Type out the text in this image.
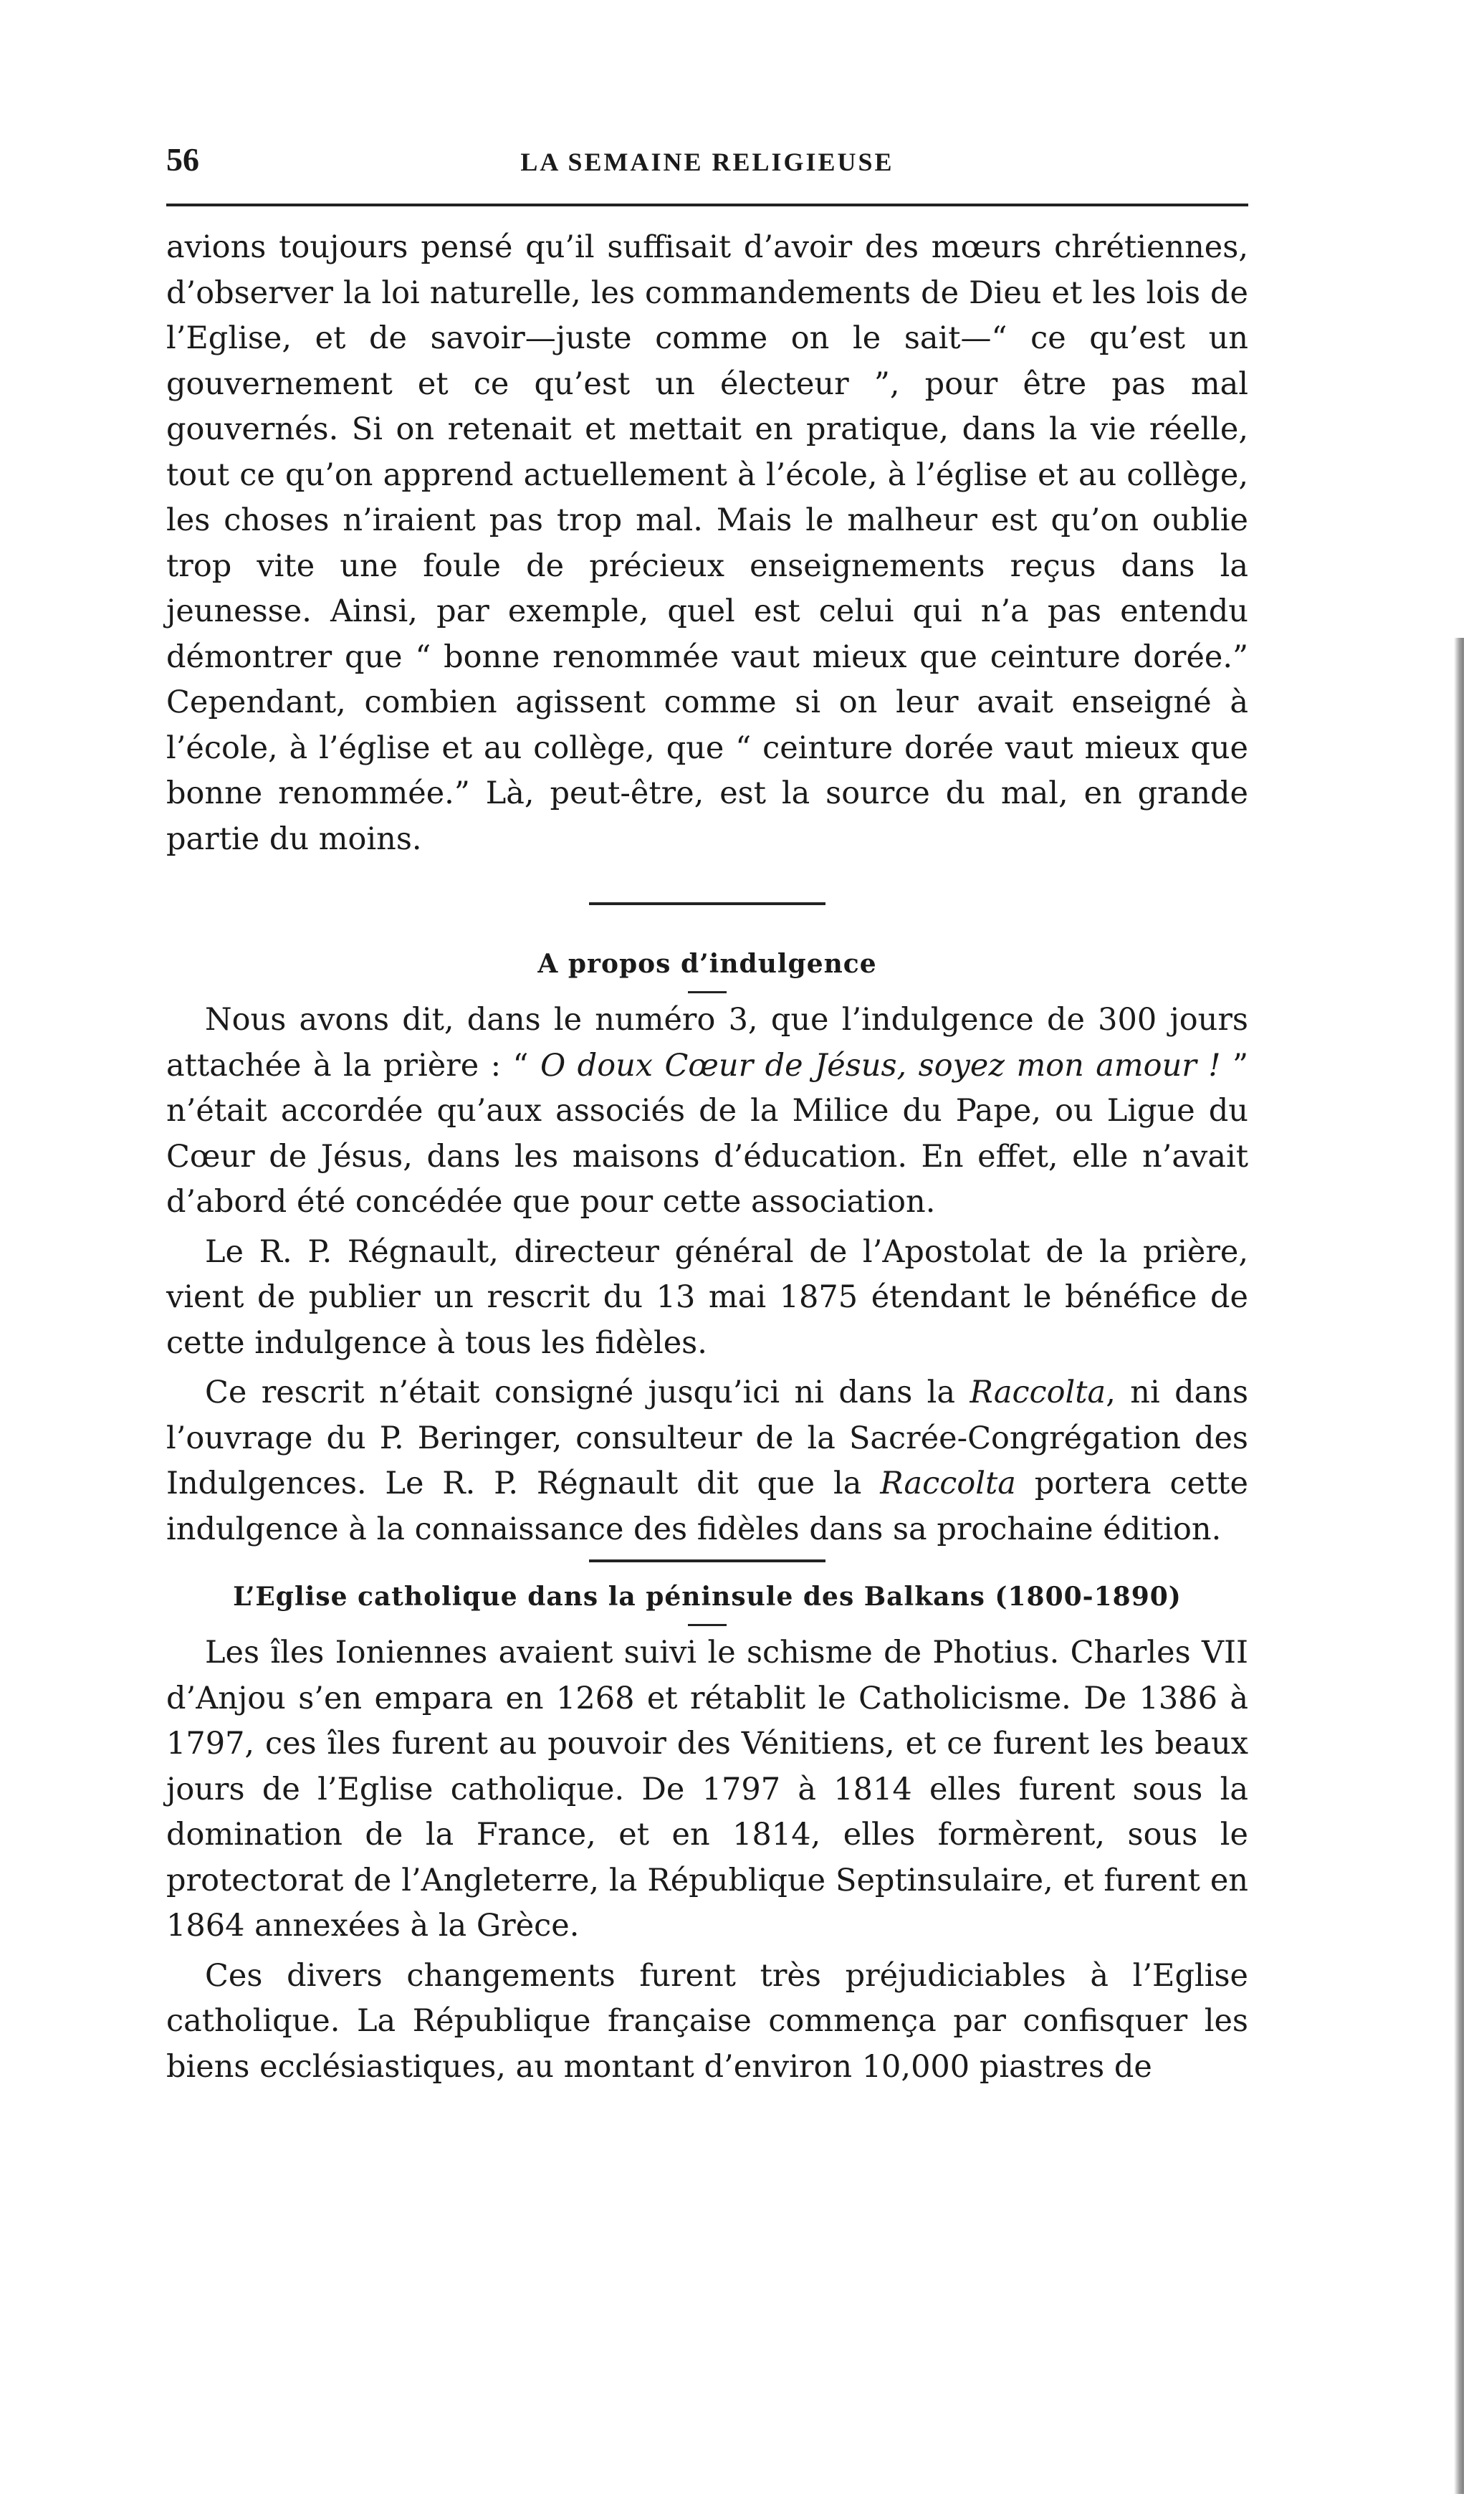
56	LA SEMAINE RELIGIEUSE

avions toujours pensé qu’il suffisait d’avoir des mœurs chrétiennes, d’observer la loi naturelle, les commandements de Dieu et les lois de l’Eglise, et de savoir—juste comme on le sait—“ ce qu’est un gouvernement et ce qu’est un électeur ”, pour être pas mal gouvernés. Si on retenait et mettait en pratique, dans la vie réelle, tout ce qu’on apprend actuellement à l’école, à l’église et au collège, les choses n’iraient pas trop mal. Mais le malheur est qu’on oublie trop vite une foule de précieux enseignements reçus dans la jeunesse. Ainsi, par exemple, quel est celui qui n’a pas entendu démontrer que “ bonne renommée vaut mieux que ceinture dorée.” Cependant, combien agissent comme si on leur avait enseigné à l’école, à l’église et au collège, que “ ceinture dorée vaut mieux que bonne renommée.” Là, peut-être, est la source du mal, en grande partie du moins.

A propos d’indulgence

Nous avons dit, dans le numéro 3, que l’indulgence de 300 jours attachée à la prière : “ O doux Cœur de Jésus, soyez mon amour ! ” n’était accordée qu’aux associés de la Milice du Pape, ou Ligue du Cœur de Jésus, dans les maisons d’éducation. En effet, elle n’avait d’abord été concédée que pour cette association.

Le R. P. Régnault, directeur général de l’Apostolat de la prière, vient de publier un rescrit du 13 mai 1875 étendant le bénéfice de cette indulgence à tous les fidèles.

Ce rescrit n’était consigné jusqu’ici ni dans la Raccolta, ni dans l’ouvrage du P. Beringer, consulteur de la Sacrée-Congrégation des Indulgences. Le R. P. Régnault dit que la Raccolta portera cette indulgence à la connaissance des fidèles dans sa prochaine édition.

L’Eglise catholique dans la péninsule des Balkans (1800-1890)

Les îles Ioniennes avaient suivi le schisme de Photius. Charles VII d’Anjou s’en empara en 1268 et rétablit le Catholicisme. De 1386 à 1797, ces îles furent au pouvoir des Vénitiens, et ce furent les beaux jours de l’Eglise catholique. De 1797 à 1814 elles furent sous la domination de la France, et en 1814, elles formèrent, sous le protectorat de l’Angleterre, la République Septinsulaire, et furent en 1864 annexées à la Grèce.

Ces divers changements furent très préjudiciables à l’Eglise catholique. La République française commença par confisquer les biens ecclésiastiques, au montant d’environ 10,000 piastres de
